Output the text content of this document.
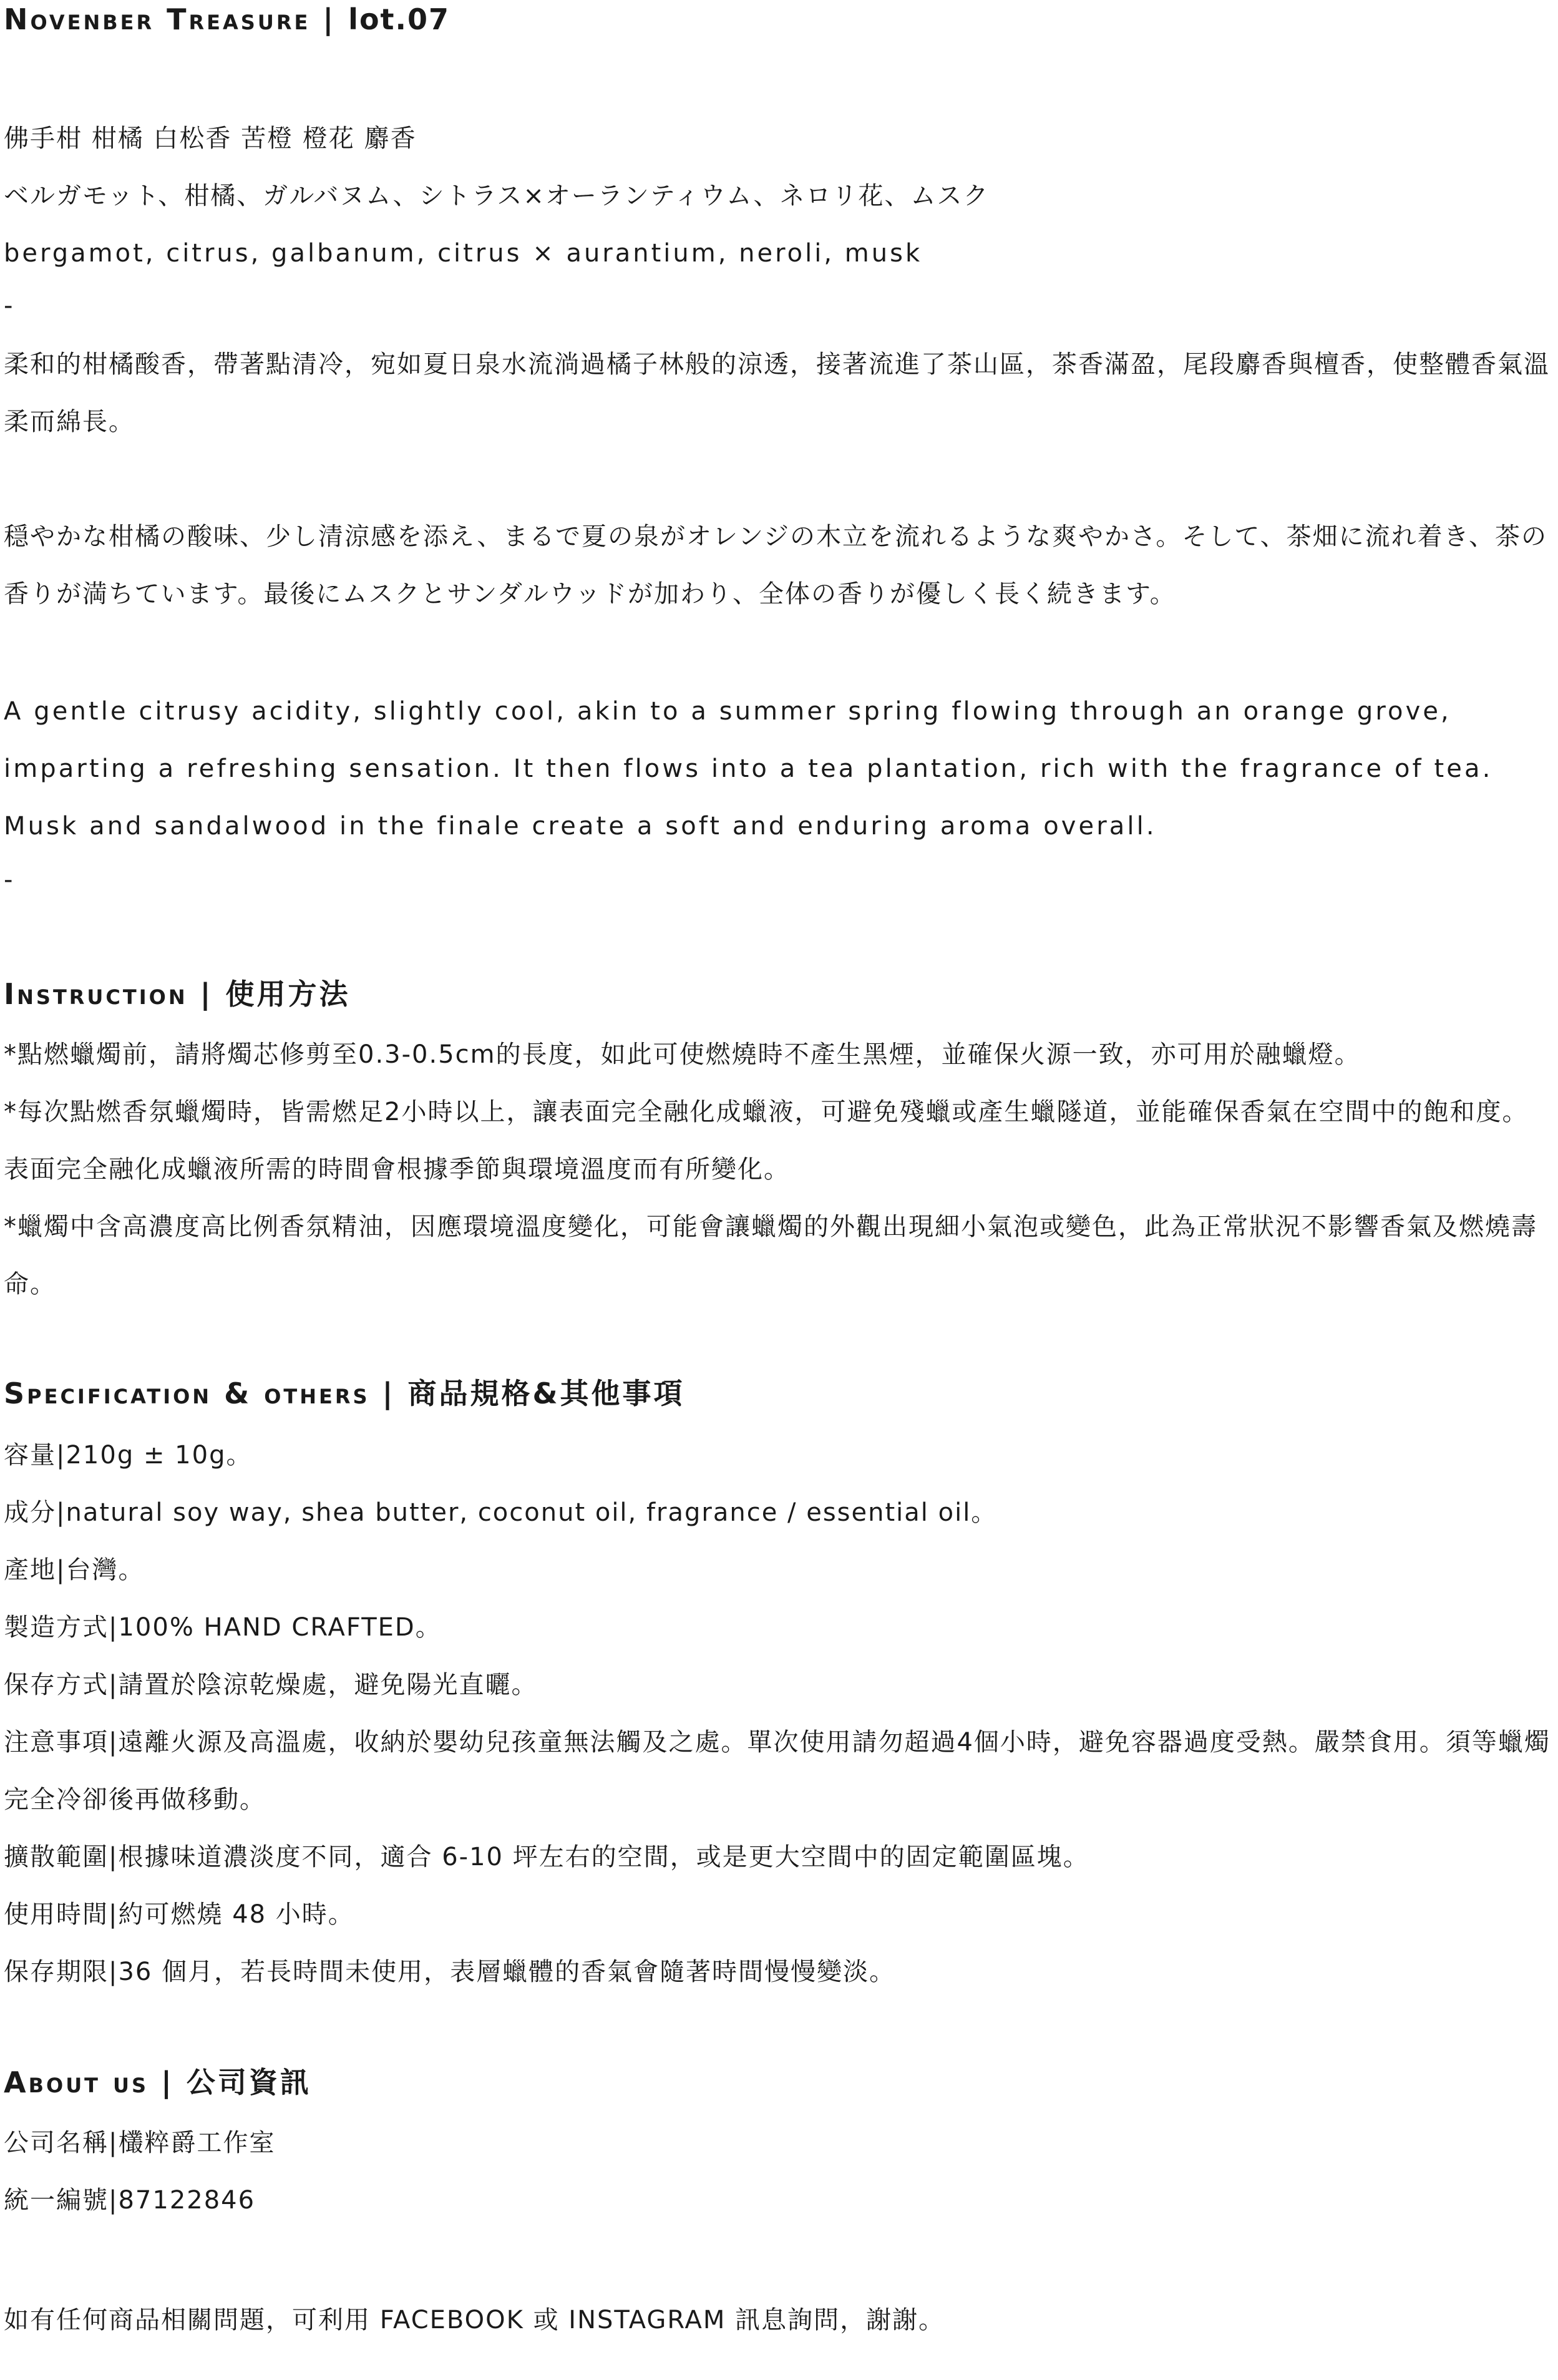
Novenber Treasure | lot.07

佛手柑 柑橘 白松香 苦橙 橙花 麝香

ベルガモット、柑橘、ガルバヌム、シトラス×オーランティウム、ネロリ花、ムスク

bergamot, citrus, galbanum, citrus × aurantium, neroli, musk

-

柔和的柑橘酸香，帶著點清冷，宛如夏日泉水流淌過橘子林般的涼透，接著流進了茶山區，茶香滿盈，尾段麝香與檀香，使整體香氣溫柔而綿長。

穏やかな柑橘の酸味、少し清涼感を添え、まるで夏の泉がオレンジの木立を流れるような爽やかさ。そして、茶畑に流れ着き、茶の香りが満ちています。最後にムスクとサンダルウッドが加わり、全体の香りが優しく長く続きます。

A gentle citrusy acidity, slightly cool, akin to a summer spring flowing through an orange grove, imparting a refreshing sensation. It then flows into a tea plantation, rich with the fragrance of tea. Musk and sandalwood in the finale create a soft and enduring aroma overall.

-

Instruction | 使用方法

*點燃蠟燭前，請將燭芯修剪至0.3-0.5cm的長度，如此可使燃燒時不產生黑煙，並確保火源一致，亦可用於融蠟燈。

*每次點燃香氛蠟燭時，皆需燃足2小時以上，讓表面完全融化成蠟液，可避免殘蠟或產生蠟隧道，並能確保香氣在空間中的飽和度。表面完全融化成蠟液所需的時間會根據季節與環境溫度而有所變化。

*蠟燭中含高濃度高比例香氛精油，因應環境溫度變化，可能會讓蠟燭的外觀出現細小氣泡或變色，此為正常狀況不影響香氣及燃燒壽命。

Specification & others | 商品規格&其他事項

容量|210g ± 10g。

成分|natural soy way, shea butter, coconut oil, fragrance / essential oil。

產地|台灣。

製造方式|100% HAND CRAFTED。

保存方式|請置於陰涼乾燥處，避免陽光直曬。

注意事項|遠離火源及高溫處，收納於嬰幼兒孩童無法觸及之處。單次使用請勿超過4個小時，避免容器過度受熱。嚴禁食用。須等蠟燭完全冷卻後再做移動。

擴散範圍|根據味道濃淡度不同，適合 6-10 坪左右的空間，或是更大空間中的固定範圍區塊。

使用時間|約可燃燒 48 小時。

保存期限|36 個月，若長時間未使用，表層蠟體的香氣會隨著時間慢慢變淡。

About us | 公司資訊

公司名稱|欉粹爵工作室

統一編號|87122846

如有任何商品相關問題，可利用 FACEBOOK 或 INSTAGRAM 訊息詢問，謝謝。
